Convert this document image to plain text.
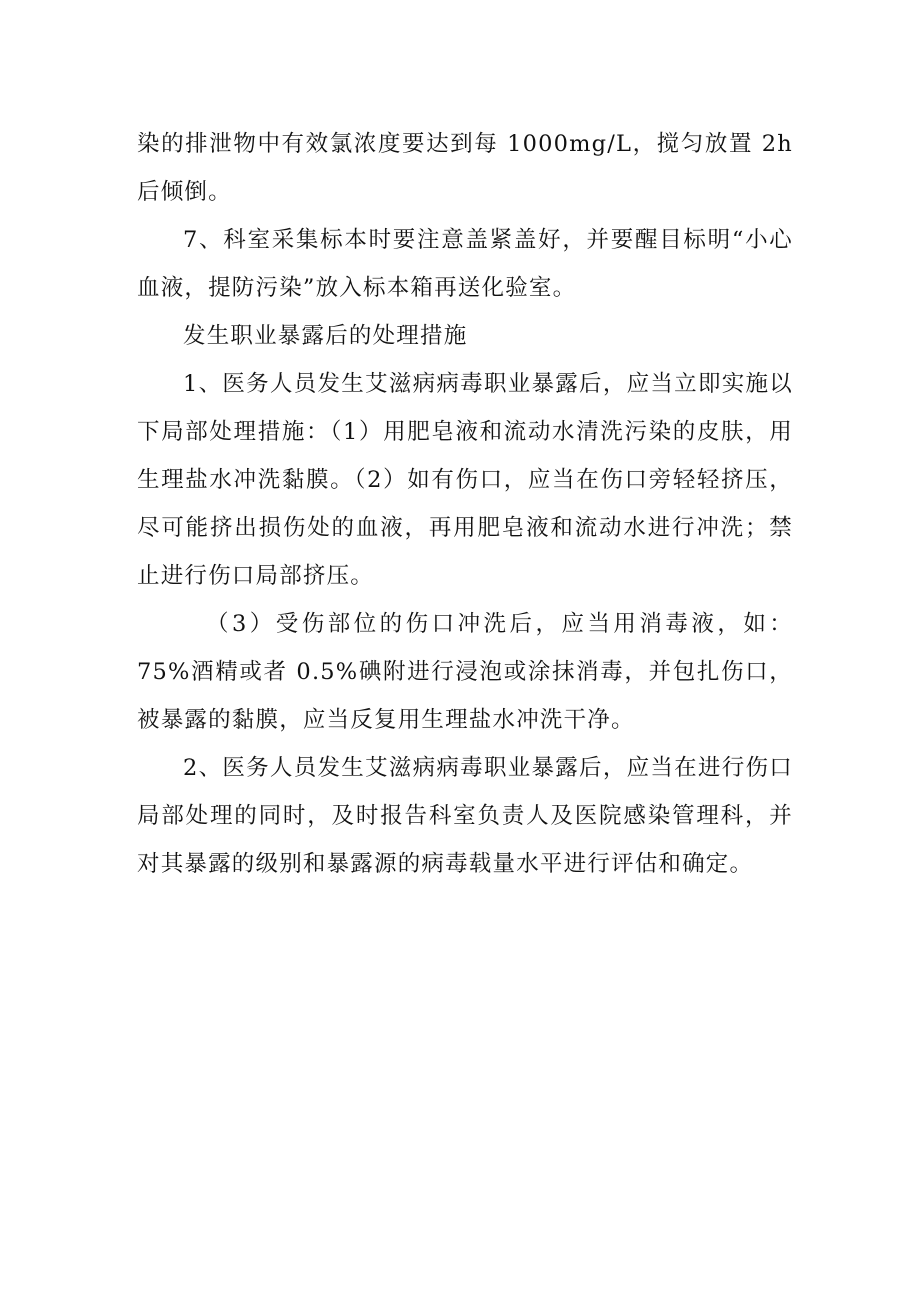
染的排泄物中有效氯浓度要达到每 1000mg/L，搅匀放置 2h 后倾倒。

7、科室采集标本时要注意盖紧盖好，并要醒目标明“小心血液，提防污染”放入标本箱再送化验室。

发生职业暴露后的处理措施

1、医务人员发生艾滋病病毒职业暴露后，应当立即实施以下局部处理措施：（1）用肥皂液和流动水清洗污染的皮肤，用生理盐水冲洗黏膜。（2）如有伤口，应当在伤口旁轻轻挤压，尽可能挤出损伤处的血液，再用肥皂液和流动水进行冲洗；禁止进行伤口局部挤压。

（3）受伤部位的伤口冲洗后，应当用消毒液，如：75%酒精或者 0.5%碘附进行浸泡或涂抹消毒，并包扎伤口，被暴露的黏膜，应当反复用生理盐水冲洗干净。

2、医务人员发生艾滋病病毒职业暴露后，应当在进行伤口局部处理的同时，及时报告科室负责人及医院感染管理科，并对其暴露的级别和暴露源的病毒载量水平进行评估和确定。
